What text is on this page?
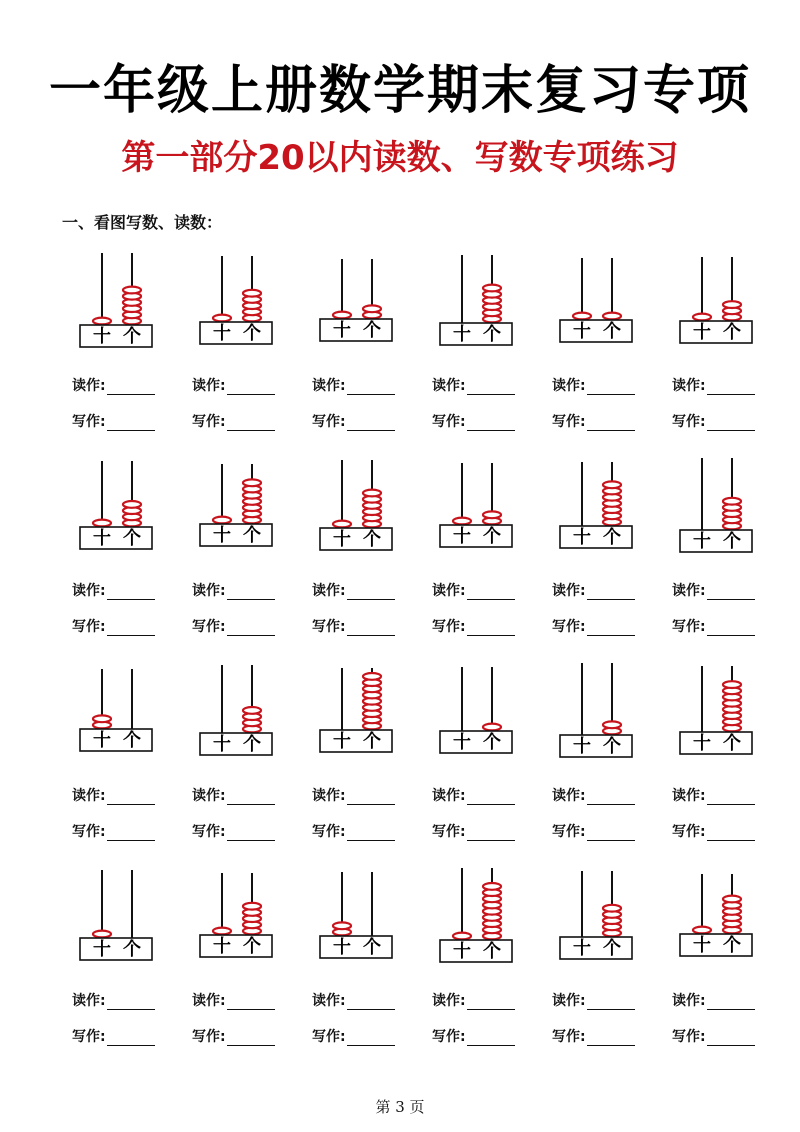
一年级上册数学期末复习专项
第一部分20以内读数、写数专项练习
一、看图写数、读数：
十 个
读作:
写作:
十 个
读作:
写作:
十 个
读作:
写作:
十 个
读作:
写作:
十 个
读作:
写作:
十 个
读作:
写作:
十 个
读作:
写作:
十 个
读作:
写作:
十 个
读作:
写作:
十 个
读作:
写作:
十 个
读作:
写作:
十 个
读作:
写作:
十 个
读作:
写作:
十 个
读作:
写作:
十 个
读作:
写作:
十 个
读作:
写作:
十 个
读作:
写作:
十 个
读作:
写作:
十 个
读作:
写作:
十 个
读作:
写作:
十 个
读作:
写作:
十 个
读作:
写作:
十 个
读作:
写作:
十 个
读作:
写作:
第 3 页
